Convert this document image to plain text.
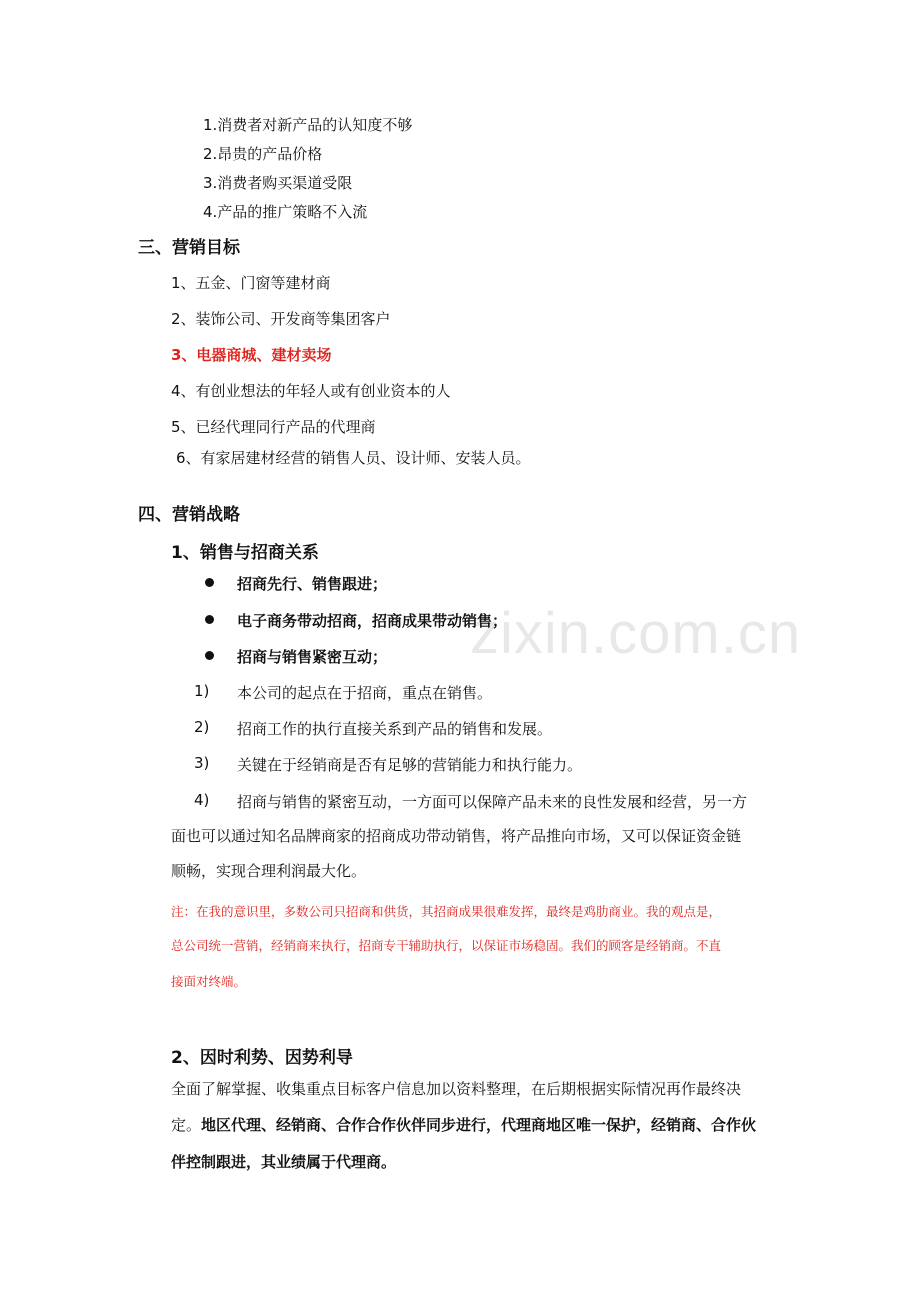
zixin.com.cn
1.消费者对新产品的认知度不够
2.昂贵的产品价格
3.消费者购买渠道受限
4.产品的推广策略不入流
三、营销目标
1、五金、门窗等建材商
2、装饰公司、开发商等集团客户
3、电器商城、建材卖场
4、有创业想法的年轻人或有创业资本的人
5、已经代理同行产品的代理商
6、有家居建材经营的销售人员、设计师、安装人员。
四、营销战略
1、销售与招商关系
招商先行、销售跟进；
电子商务带动招商，招商成果带动销售；
招商与销售紧密互动；
1) 本公司的起点在于招商，重点在销售。
2) 招商工作的执行直接关系到产品的销售和发展。
3) 关键在于经销商是否有足够的营销能力和执行能力。
4) 招商与销售的紧密互动，一方面可以保障产品未来的良性发展和经营，另一方
面也可以通过知名品牌商家的招商成功带动销售，将产品推向市场，又可以保证资金链
顺畅，实现合理利润最大化。
注：在我的意识里，多数公司只招商和供货，其招商成果很难发挥，最终是鸡肋商业。我的观点是，
总公司统一营销，经销商来执行，招商专干辅助执行，以保证市场稳固。我们的顾客是经销商。不直
接面对终端。
2、因时利势、因势利导
全面了解掌握、收集重点目标客户信息加以资料整理，在后期根据实际情况再作最终决
定。地区代理、经销商、合作合作伙伴同步进行，代理商地区唯一保护，经销商、合作伙
伴控制跟进，其业绩属于代理商。
